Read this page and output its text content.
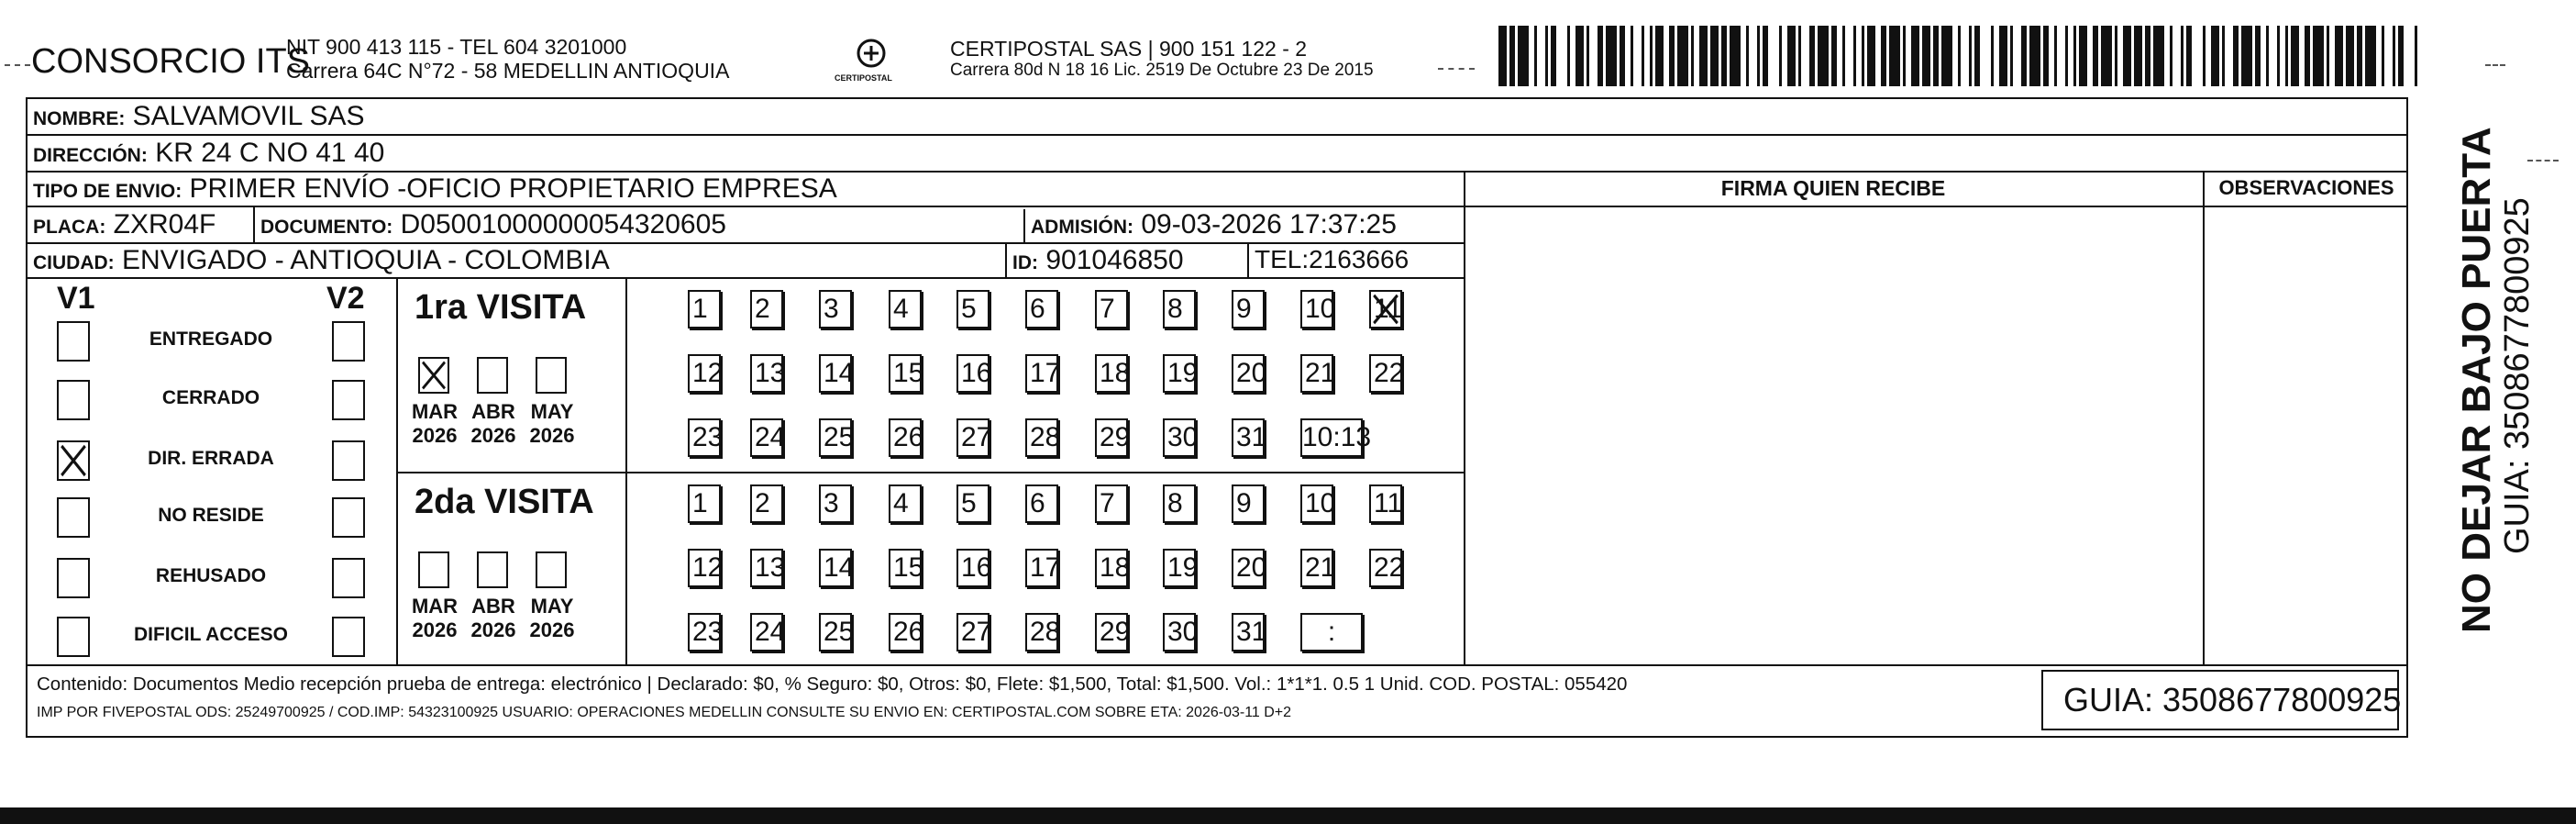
CONSORCIO ITS
NIT 900 413 115 - TEL 604 3201000
Carrera 64C N°72 - 58 MEDELLIN ANTIOQUIA	CERTIPOSTAL
CERTIPOSTAL SAS | 900 151 122 - 2
Carrera 80d N 18 16 Lic. 2519 De Octubre 23 De 2015
NOMBRE: SALVAMOVIL SAS
DIRECCIÓN: KR 24 C NO 41 40
TIPO DE ENVIO: PRIMER ENVÍO -OFICIO PROPIETARIO EMPRESA
PLACA: ZXR04F DOCUMENTO: D05001000000054320605	ADMISIÓN: 09-03-2026 17:37:25
CIUDAD: ENVIGADO - ANTIOQUIA - COLOMBIA	ID: 901046850	TEL:2163666
FIRMA QUIEN RECIBE	OBSERVACIONES
V1	V2
ENTREGADO
CERRADO
DIR. ERRADA
NO RESIDE
REHUSADO
DIFICIL ACCESO
1ra VISITA
MAR
2026
ABR
2026
MAY
2026
1	2	3	4	5	6	7	8	9	10 11
12 13 14 15 16 17 18 19 20 21 22
23 24 25 26 27 28 29 30 31 10:13
2da VISITA
MAR
2026
ABR
2026
MAY
2026
1	2	3	4	5	6	7	8	9	10 11
12 13 14 15 16 17 18 19 20 21 22
23 24 25 26 27 28 29 30 31	:
Contenido: Documentos Medio recepción prueba de entrega: electrónico | Declarado: $0, % Seguro: $0, Otros: $0, Flete: $1,500, Total: $1,500. Vol.: 1*1*1. 0.5 1 Unid. COD. POSTAL: 055420
IMP POR FIVEPOSTAL ODS: 25249700925 / COD.IMP: 54323100925 USUARIO: OPERACIONES MEDELLIN CONSULTE SU ENVIO EN: CERTIPOSTAL.COM SOBRE ETA: 2026-03-11 D+2	GUIA: 3508677800925
NO DEJAR BAJO PUERTA GUIA: 3508677800925
